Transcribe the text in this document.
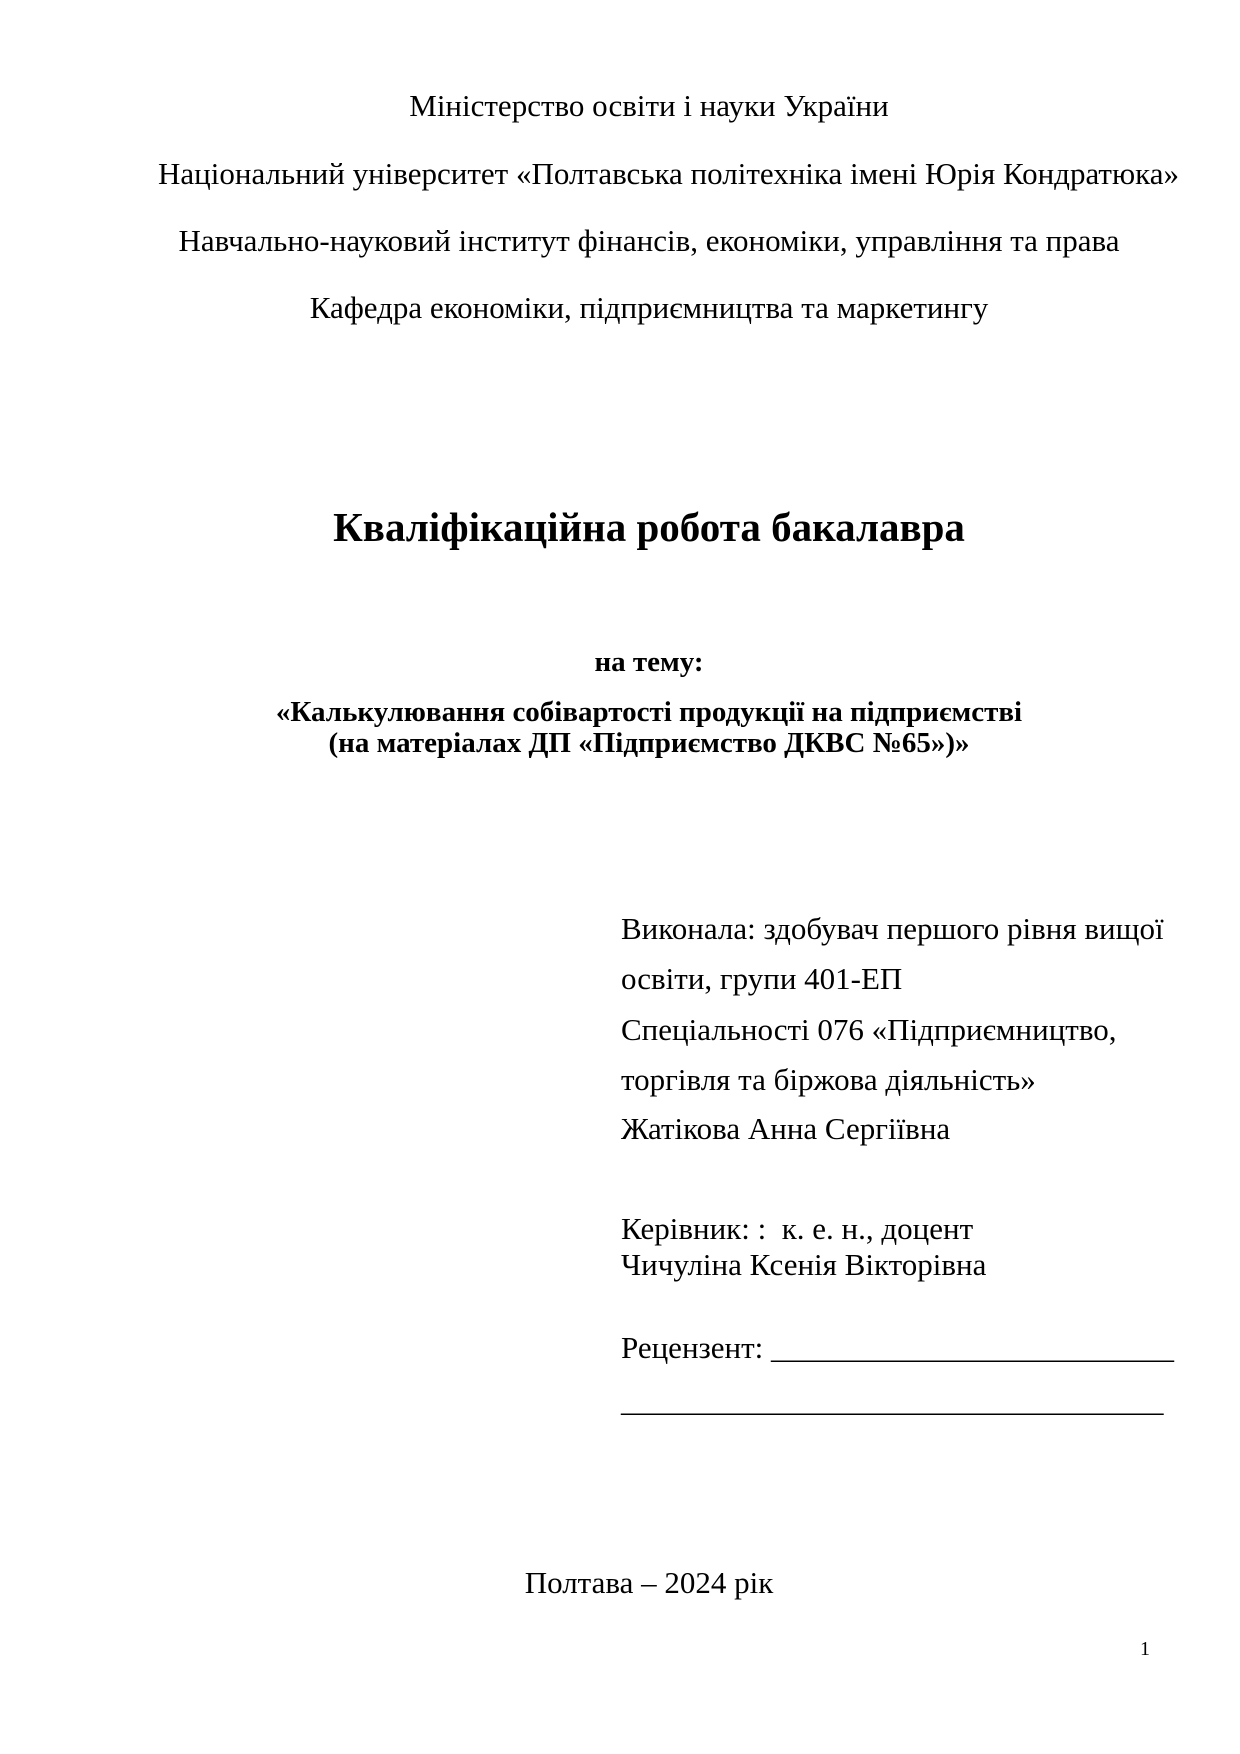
Міністерство освіти і науки України
Національний університет «Полтавська політехніка імені Юрія Кондратюка»
Навчально-науковий інститут фінансів, економіки, управління та права
Кафедра економіки, підприємництва та маркетингу
Кваліфікаційна робота бакалавра
на тему:
«Калькулювання собівартості продукції на підприємстві
(на матеріалах ДП «Підприємство ДКВС №65»)»
Виконала: здобувач першого рівня вищої
освіти, групи 401-ЕП
Спеціальності 076 «Підприємництво,
торгівля та біржова діяльність»
Жатікова Анна Сергіївна
Керівник: :  к. е. н., доцент
Чичуліна Ксенія Вікторівна
Рецензент: __________________________
___________________________________
Полтава – 2024 рік
1
